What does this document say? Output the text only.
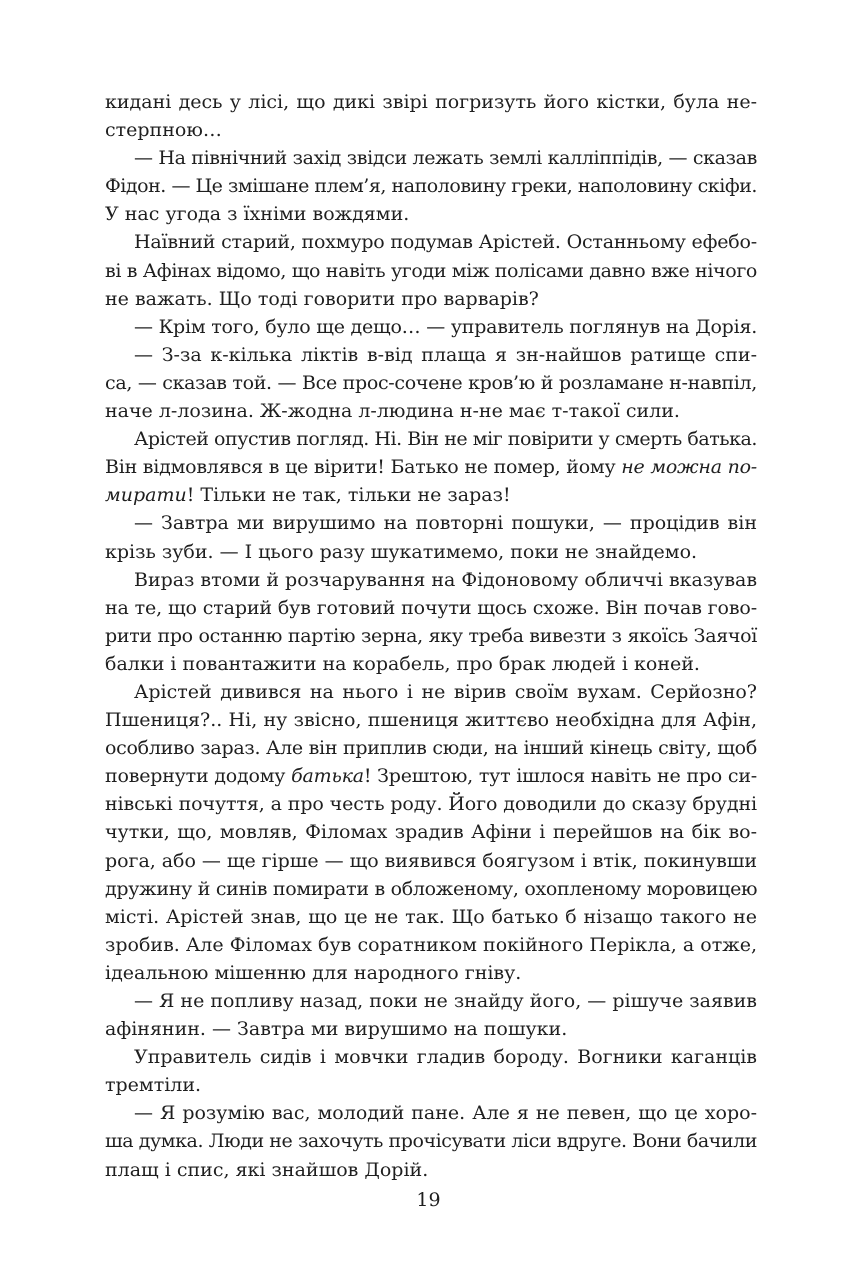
кидані десь у лісі, що дикі звірі погризуть його кістки, була не-
стерпною…
— На північний захід звідси лежать землі калліппідів, — сказав
Фідон. — Це змішане плем’я, наполовину греки, наполовину скіфи.
У нас угода з їхніми вождями.
Наївний старий, похмуро подумав Арістей. Останньому ефебо-
ві в Афінах відомо, що навіть угоди між полісами давно вже нічого
не важать. Що тоді говорити про варварів?
— Крім того, було ще дещо… — управитель поглянув на Дорія.
— З-за к-кілька ліктів в-від плаща я зн-найшов ратище спи-
са, — сказав той. — Все прос-сочене кров’ю й розламане н-навпіл,
наче л-лозина. Ж-жодна л-людина н-не має т-такої сили.
Арістей опустив погляд. Ні. Він не міг повірити у смерть батька.
Він відмовлявся в це вірити! Батько не помер, йому не можна по-
мирати! Тільки не так, тільки не зараз!
— Завтра ми вирушимо на повторні пошуки, — процідив він
крізь зуби. — І цього разу шукатимемо, поки не знайдемо.
Вираз втоми й розчарування на Фідоновому обличчі вказував
на те, що старий був готовий почути щось схоже. Він почав гово-
рити про останню партію зерна, яку треба вивезти з якоїсь Заячої
балки і повантажити на корабель, про брак людей і коней.
Арістей дивився на нього і не вірив своїм вухам. Серйозно?
Пшениця?.. Ні, ну звісно, пшениця життєво необхідна для Афін,
особливо зараз. Але він приплив сюди, на інший кінець світу, щоб
повернути додому батька! Зрештою, тут ішлося навіть не про си-
нівські почуття, а про честь роду. Його доводили до сказу брудні
чутки, що, мовляв, Філомах зрадив Афіни і перейшов на бік во-
рога, або — ще гірше — що виявився боягузом і втік, покинувши
дружину й синів помирати в обложеному, охопленому моровицею
місті. Арістей знав, що це не так. Що батько б нізащо такого не
зробив. Але Філомах був соратником покійного Перікла, а отже,
ідеальною мішенню для народного гніву.
— Я не попливу назад, поки не знайду його, — рішуче заявив
афінянин. — Завтра ми вирушимо на пошуки.
Управитель сидів і мовчки гладив бороду. Вогники каганців
тремтіли.
— Я розумію вас, молодий пане. Але я не певен, що це хоро-
ша думка. Люди не захочуть прочісувати ліси вдруге. Вони бачили
плащ і спис, які знайшов Дорій.
19
